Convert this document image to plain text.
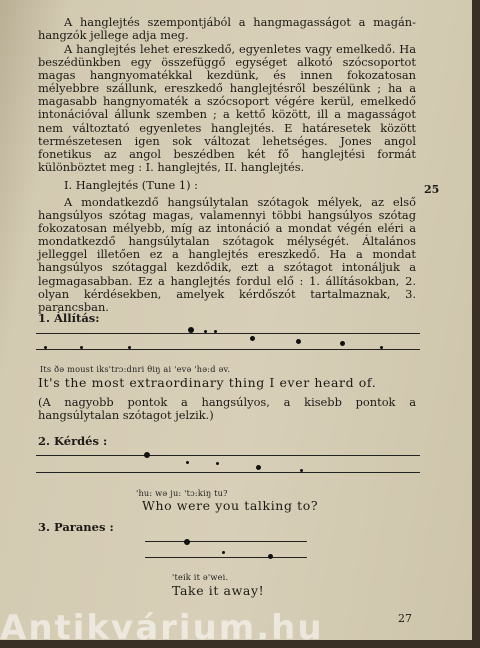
A hanglejtés szempontjából a hangmagasságot a magán-hangzók jellege adja meg.
A hanglejtés lehet ereszkedő, egyenletes vagy emelkedő. Ha beszédünkben egy összefüggő egységet alkotó szócsoportot magas hangnyomatékkal kezdünk, és innen fokozatosan mélyebbre szállunk, ereszkedő hanglejtésről beszélünk ; ha a magasabb hangnyomaték a szócsoport végére kerül, emelkedő intonációval állunk szemben ; a kettő között, ill a magasságot nem változtató egyenletes hanglejtés. E határesetek között természetesen igen sok változat lehetséges. Jones angol fonetikus az angol beszédben két fő hanglejtési formát különböztet meg : I. hanglejtés, II. hanglejtés.
I. Hanglejtés (Tune 1) :
A mondatkezdő hangsúlytalan szótagok mélyek, az első hangsúlyos szótag magas, valamennyi többi hangsúlyos szótag fokozatosan mélyebb, míg az intonáció a mondat végén eléri a mondatkezdő hangsúlytalan szótagok mélységét. Általános jelleggel illetően ez a hanglejtés ereszkedő. Ha a mondat hangsúlyos szótaggal kezdődik, ezt a szótagot intonáljuk a legmagasabban. Ez a hanglejtés fordul elő : 1. állításokban, 2. olyan kérdésekben, amelyek kérdőszót tartalmaznak, 3. parancsban.
25
1. Állítás:
Its ðə moust iks'trɔ:dnri θiŋ ai 'evə 'hə:d əv.
It's the most extraordinary thing I ever heard of.
(A nagyobb pontok a hangsúlyos, a kisebb pontok a hangsúlytalan szótagot jelzik.)
2. Kérdés :
'hu: wə ju: 'tɔ:kiŋ tu?
Who were you talking to?
3. Paranes :
'teik it ə'wei.
Take it away!
27
Antikvárium.hu
